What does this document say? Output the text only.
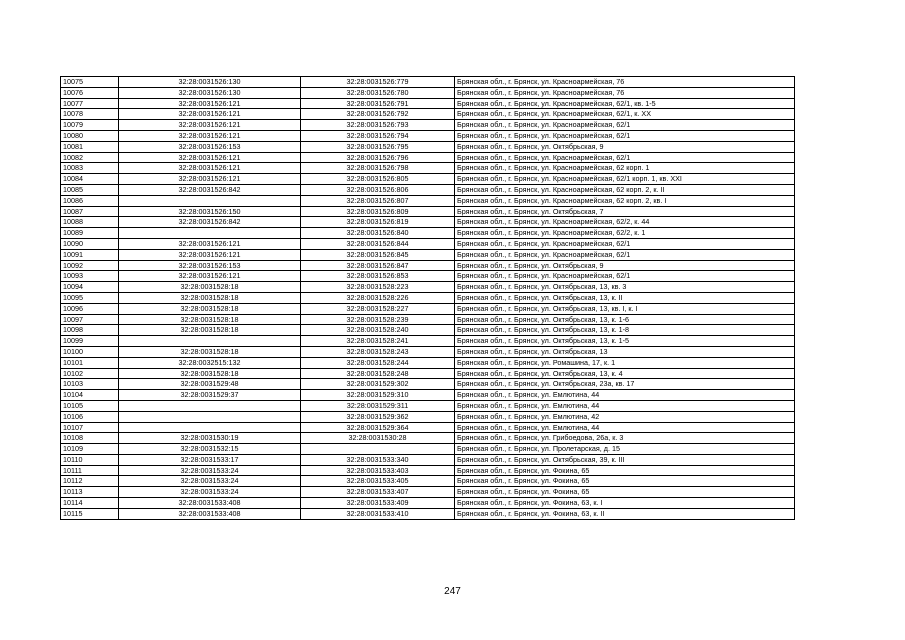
10075	32:28:0031526:130	32:28:0031526:779	Брянская обл., г. Брянск, ул. Красноармейская, 76
10076	32:28:0031526:130	32:28:0031526:780	Брянская обл., г. Брянск, ул. Красноармейская, 76
10077	32:28:0031526:121	32:28:0031526:791	Брянская обл., г. Брянск, ул. Красноармейская, 62/1, кв. 1-5
10078	32:28:0031526:121	32:28:0031526:792	Брянская обл., г. Брянск, ул. Красноармейская, 62/1, к. XX
10079	32:28:0031526:121	32:28:0031526:793	Брянская обл., г. Брянск, ул. Красноармейская, 62/1
10080	32:28:0031526:121	32:28:0031526:794	Брянская обл., г. Брянск, ул. Красноармейская, 62/1
10081	32:28:0031526:153	32:28:0031526:795	Брянская обл., г. Брянск, ул. Октябрьская, 9
10082	32:28:0031526:121	32:28:0031526:796	Брянская обл., г. Брянск, ул. Красноармейская, 62/1
10083	32:28:0031526:121	32:28:0031526:798	Брянская обл., г. Брянск, ул. Красноармейская, 62 корп. 1
10084	32:28:0031526:121	32:28:0031526:805	Брянская обл., г. Брянск, ул. Красноармейская, 62/1 корп. 1, кв. XXI
10085	32:28:0031526:842	32:28:0031526:806	Брянская обл., г. Брянск, ул. Красноармейская, 62 корп. 2, к. II
10086		32:28:0031526:807	Брянская обл., г. Брянск, ул. Красноармейская, 62 корп. 2, кв. I
10087	32:28:0031526:150	32:28:0031526:809	Брянская обл., г. Брянск, ул. Октябрьская, 7
10088	32:28:0031526:842	32:28:0031526:819	Брянская обл., г. Брянск, ул. Красноармейская, 62/2, к. 44
10089		32:28:0031526:840	Брянская обл., г. Брянск, ул. Красноармейская, 62/2, к. 1
10090	32:28:0031526:121	32:28:0031526:844	Брянская обл., г. Брянск, ул. Красноармейская, 62/1
10091	32:28:0031526:121	32:28:0031526:845	Брянская обл., г. Брянск, ул. Красноармейская, 62/1
10092	32:28:0031526:153	32:28:0031526:847	Брянская обл., г. Брянск, ул. Октябрьская, 9
10093	32:28:0031526:121	32:28:0031526:853	Брянская обл., г. Брянск, ул. Красноармейская, 62/1
10094	32:28:0031528:18	32:28:0031528:223	Брянская обл., г. Брянск, ул. Октябрьская, 13, кв. 3
10095	32:28:0031528:18	32:28:0031528:226	Брянская обл., г. Брянск, ул. Октябрьская, 13, к. II
10096	32:28:0031528:18	32:28:0031528:227	Брянская обл., г. Брянск, ул. Октябрьская, 13, кв. I, к. I
10097	32:28:0031528:18	32:28:0031528:239	Брянская обл., г. Брянск, ул. Октябрьская, 13, к. 1-6
10098	32:28:0031528:18	32:28:0031528:240	Брянская обл., г. Брянск, ул. Октябрьская, 13, к. 1-8
10099		32:28:0031528:241	Брянская обл., г. Брянск, ул. Октябрьская, 13, к. 1-5
10100	32:28:0031528:18	32:28:0031528:243	Брянская обл., г. Брянск, ул. Октябрьская, 13
10101	32:28:0032515:132	32:28:0031528:244	Брянская обл., г. Брянск, ул. Ромашина, 17, к. 1
10102	32:28:0031528:18	32:28:0031528:248	Брянская обл., г. Брянск, ул. Октябрьская, 13, к. 4
10103	32:28:0031529:48	32:28:0031529:302	Брянская обл., г. Брянск, ул. Октябрьская, 23а, кв. 17
10104	32:28:0031529:37	32:28:0031529:310	Брянская обл., г. Брянск, ул. Емлютина, 44
10105		32:28:0031529:311	Брянская обл., г. Брянск, ул. Емлютина, 44
10106		32:28:0031529:362	Брянская обл., г. Брянск, ул. Емлютина, 42
10107		32:28:0031529:364	Брянская обл., г. Брянск, ул. Емлютина, 44
10108	32:28:0031530:19	32:28:0031530:28	Брянская обл., г. Брянск, ул. Грибоедова, 26а, к. 3
10109	32:28:0031532:15		Брянская обл., г. Брянск, ул. Пролетарская, д. 15
10110	32:28:0031533:17	32:28:0031533:340	Брянская обл., г. Брянск, ул. Октябрьская, 39, к. III
10111	32:28:0031533:24	32:28:0031533:403	Брянская обл., г. Брянск, ул. Фокина, 65
10112	32:28:0031533:24	32:28:0031533:405	Брянская обл., г. Брянск, ул. Фокина, 65
10113	32:28:0031533:24	32:28:0031533:407	Брянская обл., г. Брянск, ул. Фокина, 65
10114	32:28:0031533:408	32:28:0031533:409	Брянская обл., г. Брянск, ул. Фокина, 63, к. I
10115	32:28:0031533:408	32:28:0031533:410	Брянская обл., г. Брянск, ул. Фокина, 63, к. II
247
